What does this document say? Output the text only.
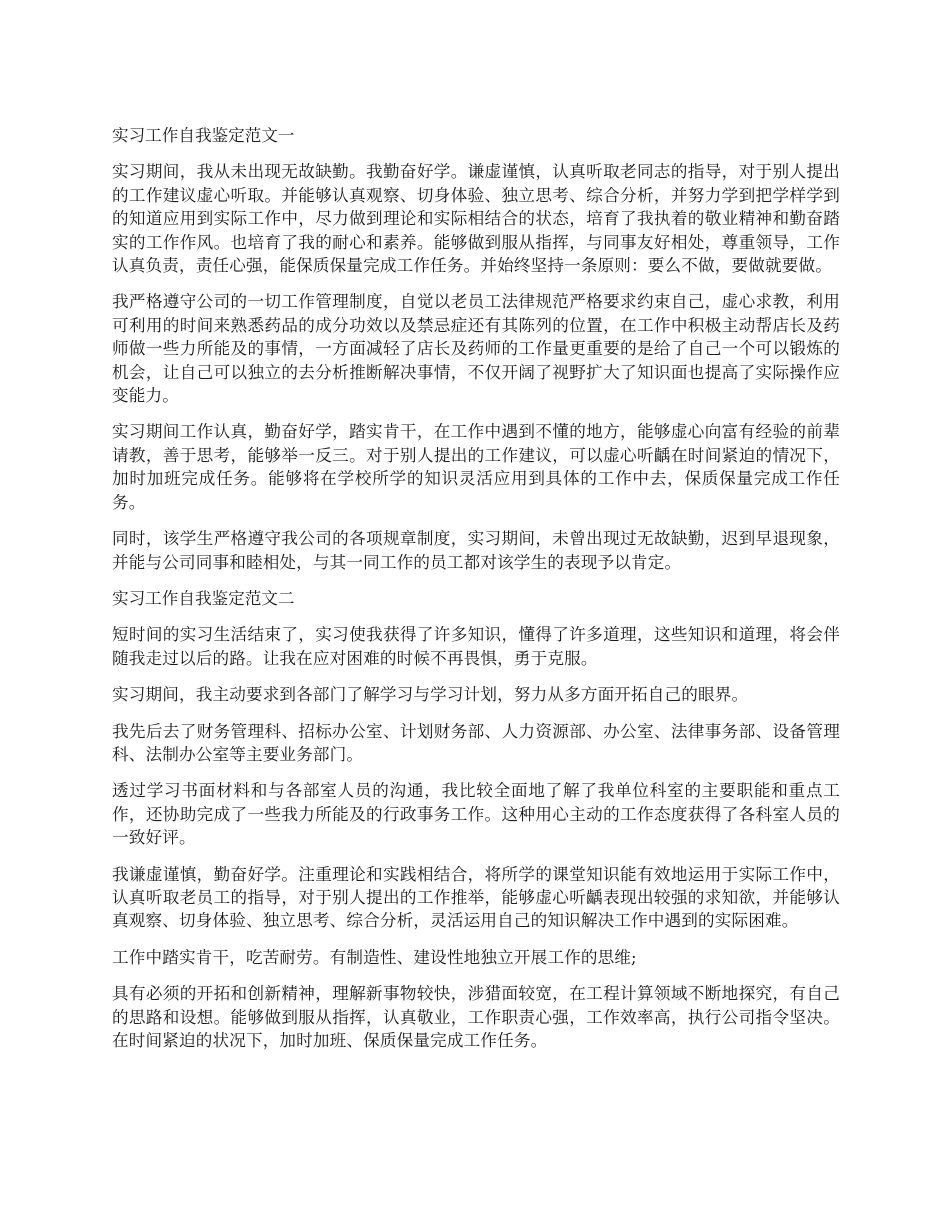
实习工作自我鉴定范文一

实习期间，我从未出现无故缺勤。我勤奋好学。谦虚谨慎，认真听取老同志的指导，对于别人提出的工作建议虚心听取。并能够认真观察、切身体验、独立思考、综合分析，并努力学到把学样学到的知道应用到实际工作中，尽力做到理论和实际相结合的状态，培育了我执着的敬业精神和勤奋踏实的工作作风。也培育了我的耐心和素养。能够做到服从指挥，与同事友好相处，尊重领导，工作认真负责，责任心强，能保质保量完成工作任务。并始终坚持一条原则：要么不做，要做就要做。

我严格遵守公司的一切工作管理制度，自觉以老员工法律规范严格要求约束自己，虚心求教，利用可利用的时间来熟悉药品的成分功效以及禁忌症还有其陈列的位置，在工作中积极主动帮店长及药师做一些力所能及的事情，一方面减轻了店长及药师的工作量更重要的是给了自己一个可以锻炼的机会，让自己可以独立的去分析推断解决事情，不仅开阔了视野扩大了知识面也提高了实际操作应变能力。

实习期间工作认真，勤奋好学，踏实肯干，在工作中遇到不懂的地方，能够虚心向富有经验的前辈请教，善于思考，能够举一反三。对于别人提出的工作建议，可以虚心听齲在时间紧迫的情况下，加时加班完成任务。能够将在学校所学的知识灵活应用到具体的工作中去，保质保量完成工作任务。

同时，该学生严格遵守我公司的各项规章制度，实习期间，未曾出现过无故缺勤，迟到早退现象，并能与公司同事和睦相处，与其一同工作的员工都对该学生的表现予以肯定。

实习工作自我鉴定范文二

短时间的实习生活结束了，实习使我获得了许多知识，懂得了许多道理，这些知识和道理，将会伴随我走过以后的路。让我在应对困难的时候不再畏惧，勇于克服。

实习期间，我主动要求到各部门了解学习与学习计划，努力从多方面开拓自己的眼界。

我先后去了财务管理科、招标办公室、计划财务部、人力资源部、办公室、法律事务部、设备管理科、法制办公室等主要业务部门。

透过学习书面材料和与各部室人员的沟通，我比较全面地了解了我单位科室的主要职能和重点工作，还协助完成了一些我力所能及的行政事务工作。这种用心主动的工作态度获得了各科室人员的一致好评。

我谦虚谨慎，勤奋好学。注重理论和实践相结合，将所学的课堂知识能有效地运用于实际工作中，认真听取老员工的指导，对于别人提出的工作推举，能够虚心听齲表现出较强的求知欲，并能够认真观察、切身体验、独立思考、综合分析，灵活运用自己的知识解决工作中遇到的实际困难。

工作中踏实肯干，吃苦耐劳。有制造性、建设性地独立开展工作的思维;

具有必须的开拓和创新精神，理解新事物较快，涉猎面较宽，在工程计算领域不断地探究，有自己的思路和设想。能够做到服从指挥，认真敬业，工作职责心强，工作效率高，执行公司指令坚决。在时间紧迫的状况下，加时加班、保质保量完成工作任务。
